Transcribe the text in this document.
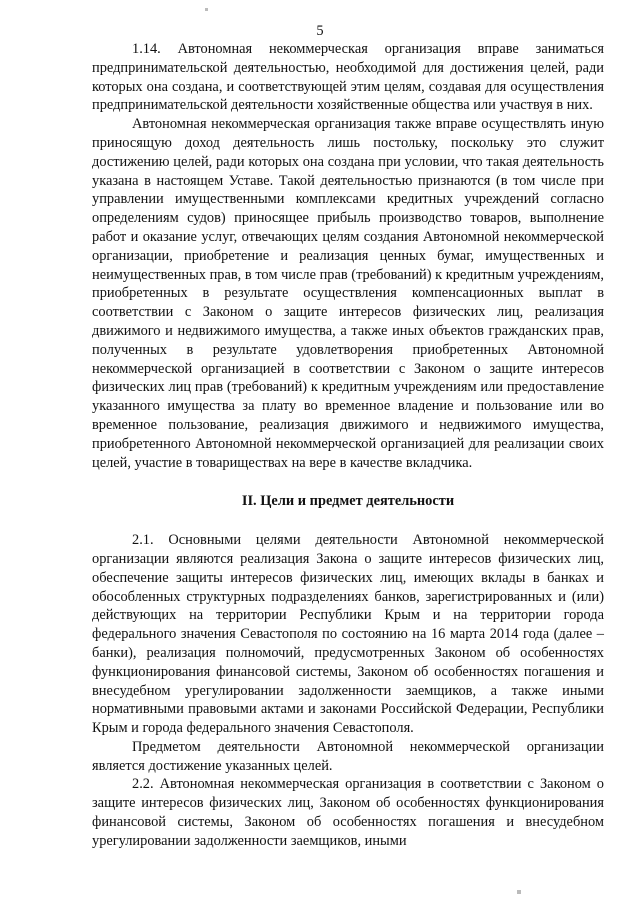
5

1.14. Автономная некоммерческая организация вправе заниматься предпринимательской деятельностью, необходимой для достижения целей, ради которых она создана, и соответствующей этим целям, создавая для осуществления предпринимательской деятельности хозяйственные общества или участвуя в них.

Автономная некоммерческая организация также вправе осуществлять иную приносящую доход деятельность лишь постольку, поскольку это служит достижению целей, ради которых она создана при условии, что такая деятельность указана в настоящем Уставе. Такой деятельностью признаются (в том числе при управлении имущественными комплексами кредитных учреждений согласно определениям судов) приносящее прибыль производство товаров, выполнение работ и оказание услуг, отвечающих целям создания Автономной некоммерческой организации, приобретение и реализация ценных бумаг, имущественных и неимущественных прав, в том числе прав (требований) к кредитным учреждениям, приобретенных в результате осуществления компенсационных выплат в соответствии с Законом о защите интересов физических лиц, реализация движимого и недвижимого имущества, а также иных объектов гражданских прав, полученных в результате удовлетворения приобретенных Автономной некоммерческой организацией в соответствии с Законом о защите интересов физических лиц прав (требований) к кредитным учреждениям или предоставление указанного имущества за плату во временное владение и пользование или во временное пользование, реализация движимого и недвижимого имущества, приобретенного Автономной некоммерческой организацией для реализации своих целей, участие в товариществах на вере в качестве вкладчика.

II. Цели и предмет деятельности

2.1. Основными целями деятельности Автономной некоммерческой организации являются реализация Закона о защите интересов физических лиц, обеспечение защиты интересов физических лиц, имеющих вклады в банках и обособленных структурных подразделениях банков, зарегистрированных и (или) действующих на территории Республики Крым и на территории города федерального значения Севастополя по состоянию на 16 марта 2014 года (далее – банки), реализация полномочий, предусмотренных Законом об особенностях функционирования финансовой системы, Законом об особенностях погашения и внесудебном урегулировании задолженности заемщиков, а также иными нормативными правовыми актами и законами Российской Федерации, Республики Крым и города федерального значения Севастополя.

Предметом деятельности Автономной некоммерческой организации является достижение указанных целей.

2.2. Автономная некоммерческая организация в соответствии с Законом о защите интересов физических лиц, Законом об особенностях функционирования финансовой системы, Законом об особенностях погашения и внесудебном урегулировании задолженности заемщиков, иными
